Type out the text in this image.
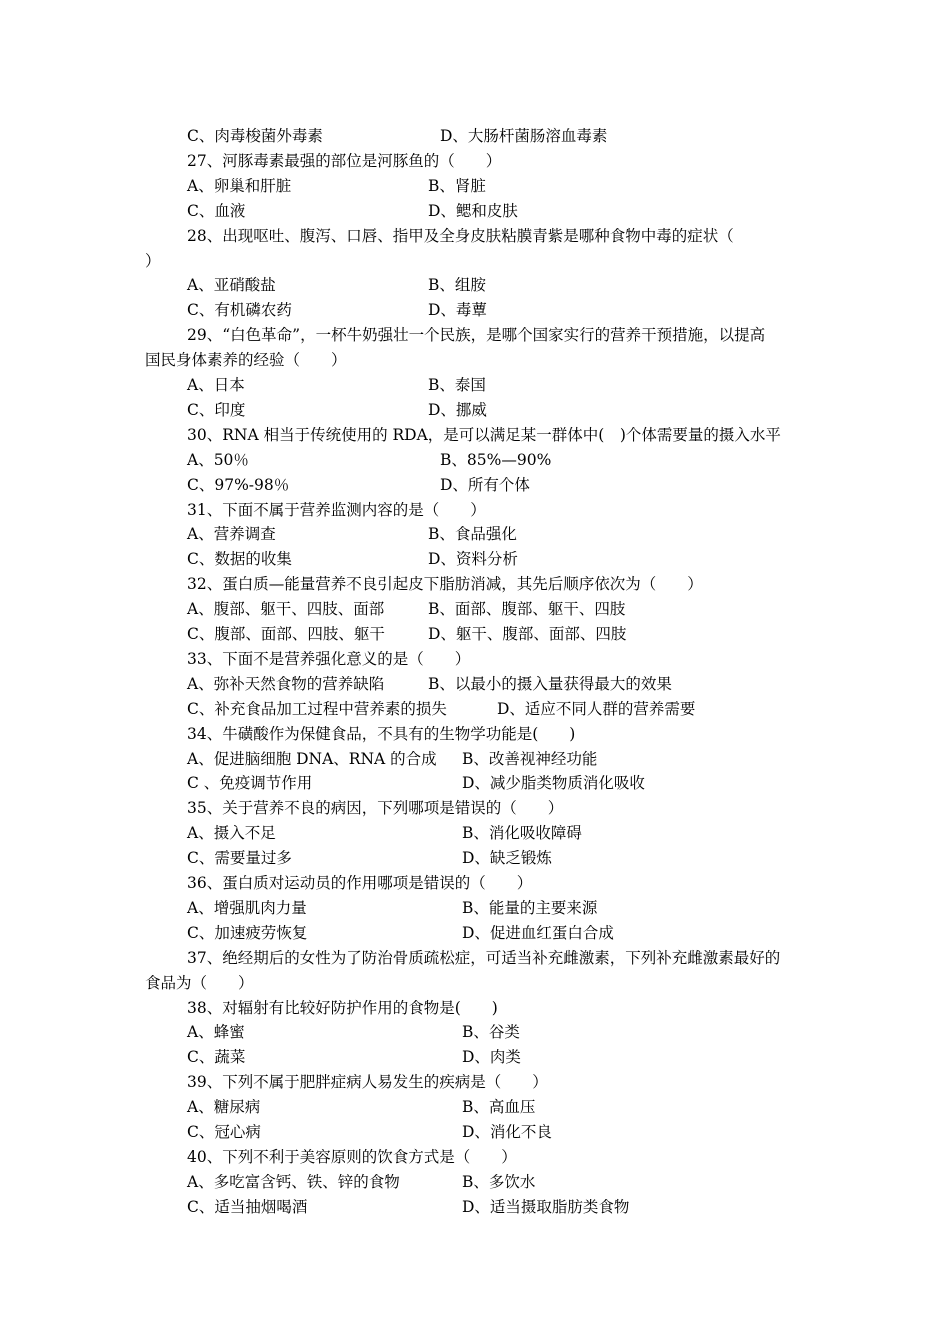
C、肉毒梭菌外毒素	D、大肠杆菌肠溶血毒素
27、河豚毒素最强的部位是河豚鱼的（　　）
A、卵巢和肝脏	B、肾脏
C、血液	D、鳃和皮肤
28、出现呕吐、腹泻、口唇、指甲及全身皮肤粘膜青紫是哪种食物中毒的症状（
）
A、亚硝酸盐	B、组胺
C、有机磷农药	D、毒蕈
29、“白色革命”，一杯牛奶强壮一个民族，是哪个国家实行的营养干预措施，以提高
国民身体素养的经验（　　）
A、日本	B、泰国
C、印度	D、挪威
30、RNA 相当于传统使用的 RDA，是可以满足某一群体中(　)个体需要量的摄入水平
A、50％	B、85%—90%
C、97%-98％	D、所有个体
31、下面不属于营养监测内容的是（　　）
A、营养调查	B、食品强化
C、数据的收集	D、资料分析
32、蛋白质—能量营养不良引起皮下脂肪消减，其先后顺序依次为（　　）
A、腹部、躯干、四肢、面部	B、面部、腹部、躯干、四肢
C、腹部、面部、四肢、躯干	D、躯干、腹部、面部、四肢
33、下面不是营养强化意义的是（　　）
A、弥补天然食物的营养缺陷	B、以最小的摄入量获得最大的效果
C、补充食品加工过程中营养素的损失	D、适应不同人群的营养需要
34、牛磺酸作为保健食品，不具有的生物学功能是(　　)
A、促进脑细胞 DNA、RNA 的合成 B、改善视神经功能
C 、免疫调节作用	D、减少脂类物质消化吸收
35、关于营养不良的病因，下列哪项是错误的（　　）
A、摄入不足	B、消化吸收障碍
C、需要量过多	D、缺乏锻炼
36、蛋白质对运动员的作用哪项是错误的（　　）
A、增强肌肉力量	B、能量的主要来源
C、加速疲劳恢复	D、促进血红蛋白合成
37、绝经期后的女性为了防治骨质疏松症，可适当补充雌激素，下列补充雌激素最好的
食品为（　　）
38、对辐射有比较好防护作用的食物是(　　)
A、蜂蜜	B、谷类
C、蔬菜	D、肉类
39、下列不属于肥胖症病人易发生的疾病是（　　）
A、糖尿病	B、高血压
C、冠心病	D、消化不良
40、下列不利于美容原则的饮食方式是（　　）
A、多吃富含钙、铁、锌的食物	B、多饮水
C、适当抽烟喝酒	D、适当摄取脂肪类食物
